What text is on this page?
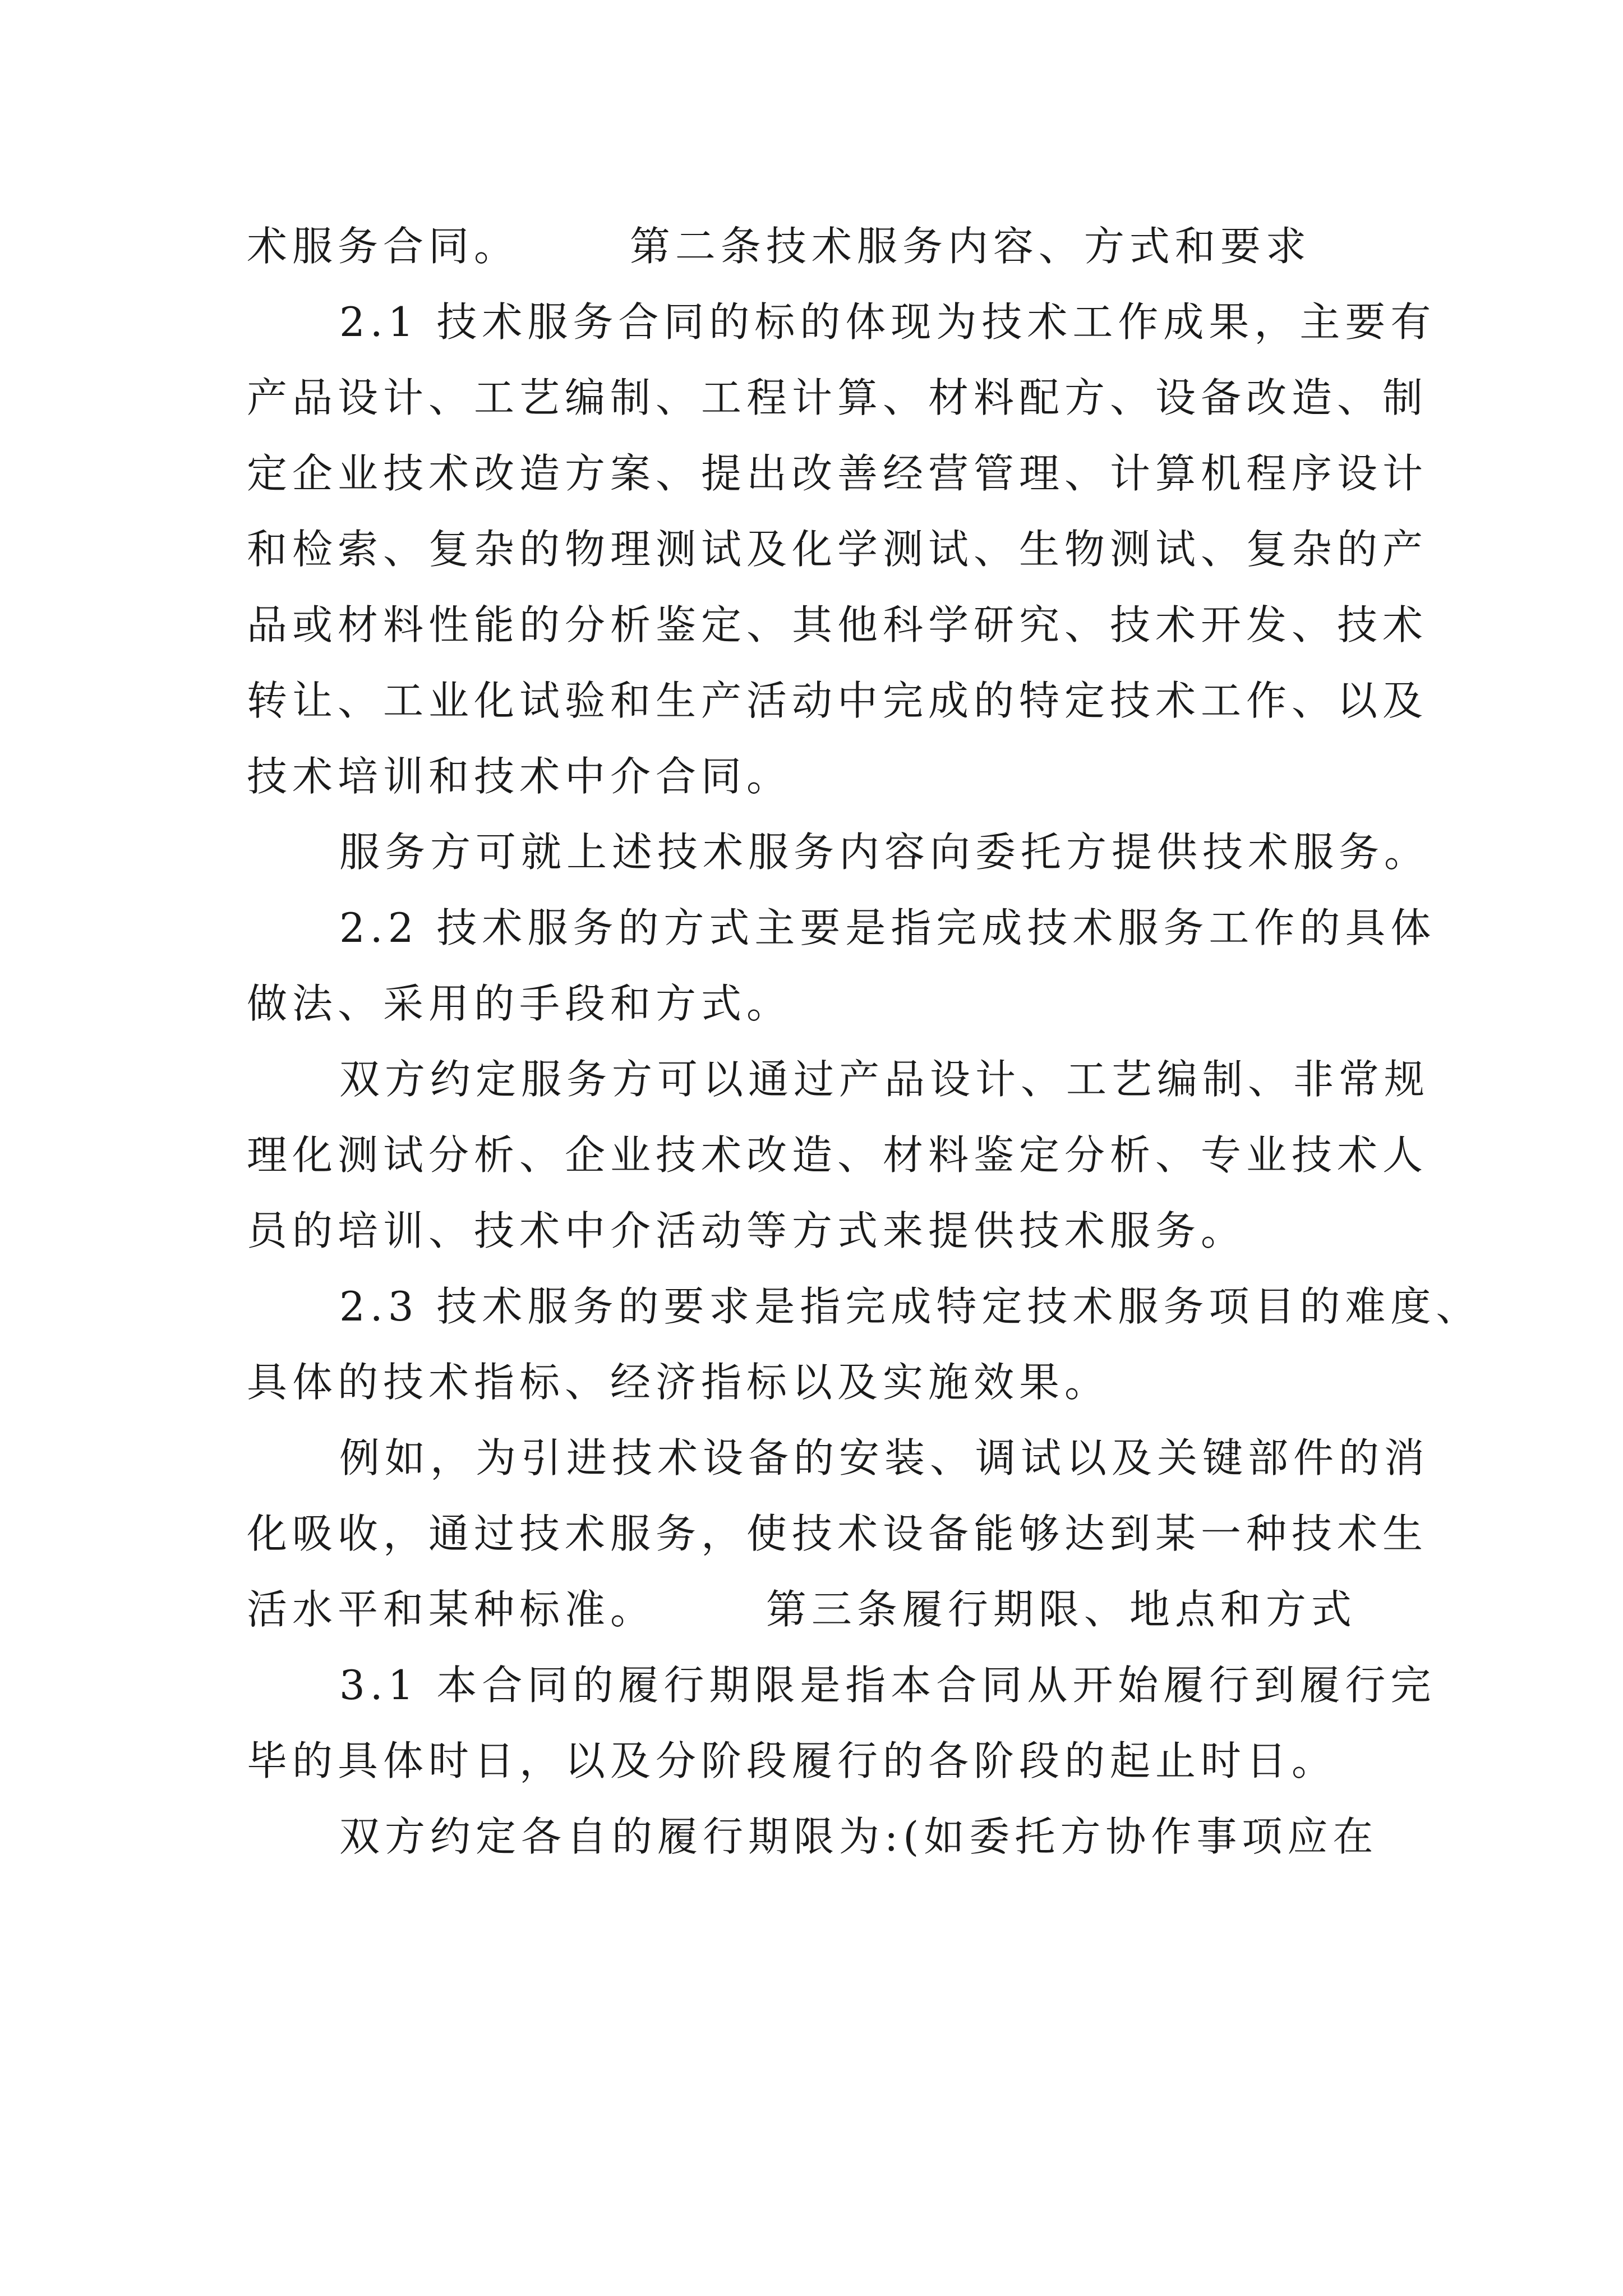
术服务合同。	第二条技术服务内容、方式和要求 2.1 技术服务合同的标的体现为技术工作成果，主要有 产品设计、工艺编制、工程计算、材料配方、设备改造、制 定企业技术改造方案、提出改善经营管理、计算机程序设计 和检索、复杂的物理测试及化学测试、生物测试、复杂的产 品或材料性能的分析鉴定、其他科学研究、技术开发、技术 转让、工业化试验和生产活动中完成的特定技术工作、以及 技术培训和技术中介合同。 服务方可就上述技术服务内容向委托方提供技术服务。 2.2 技术服务的方式主要是指完成技术服务工作的具体 做法、采用的手段和方式。 双方约定服务方可以通过产品设计、工艺编制、非常规 理化测试分析、企业技术改造、材料鉴定分析、专业技术人 员的培训、技术中介活动等方式来提供技术服务。 2.3 技术服务的要求是指完成特定技术服务项目的难度、 具体的技术指标、经济指标以及实施效果。 例如，为引进技术设备的安装、调试以及关键部件的消 化吸收，通过技术服务，使技术设备能够达到某一种技术生 活水平和某种标准。	第三条履行期限、地点和方式 3.1 本合同的履行期限是指本合同从开始履行到履行完 毕的具体时日，以及分阶段履行的各阶段的起止时日。 双方约定各自的履行期限为:(如委托方协作事项应在
